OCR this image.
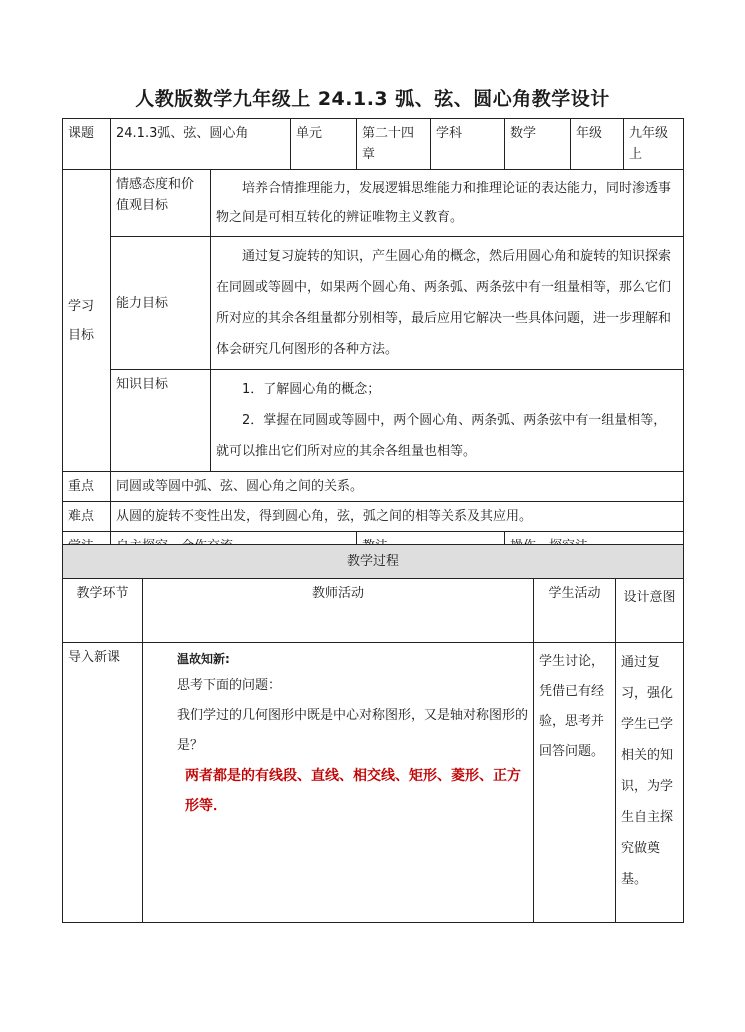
人教版数学九年级上 24.1.3 弧、弦、圆心角教学设计
课题	24.1.3弧、弦、圆心角		单元	第二十四章	学科	数学	年级	九年级上
学习目标	情感态度和价值观目标	培养合情推理能力，发展逻辑思维能力和推理论证的表达能力，同时渗透事物之间是可相互转化的辨证唯物主义教育。						
	能力目标	通过复习旋转的知识，产生圆心角的概念，然后用圆心角和旋转的知识探索在同圆或等圆中，如果两个圆心角、两条弧、两条弦中有一组量相等，那么它们所对应的其余各组量都分别相等，最后应用它解决一些具体问题，进一步理解和体会研究几何图形的各种方法。						
	知识目标	1．了解圆心角的概念；
2．掌握在同圆或等圆中，两个圆心角、两条弧、两条弦中有一组量相等，就可以推出它们所对应的其余各组量也相等。						

重点	同圆或等圆中弧、弦、圆心角之间的关系。							
难点	从圆的旋转不变性出发，得到圆心角，弦，弧之间的相等关系及其应用。							

教学过程			
教学环节	教师活动	学生活动	设计意图
导入新课	温故知新:
思考下面的问题：
我们学过的几何图形中既是中心对称图形，又是轴对称图形的是？
两者都是的有线段、直线、相交线、矩形、菱形、正方形等．	学生讨论，凭借已有经验，思考并回答问题。	通过复习，强化学生已学相关的知识，为学生自主探究做奠基。
